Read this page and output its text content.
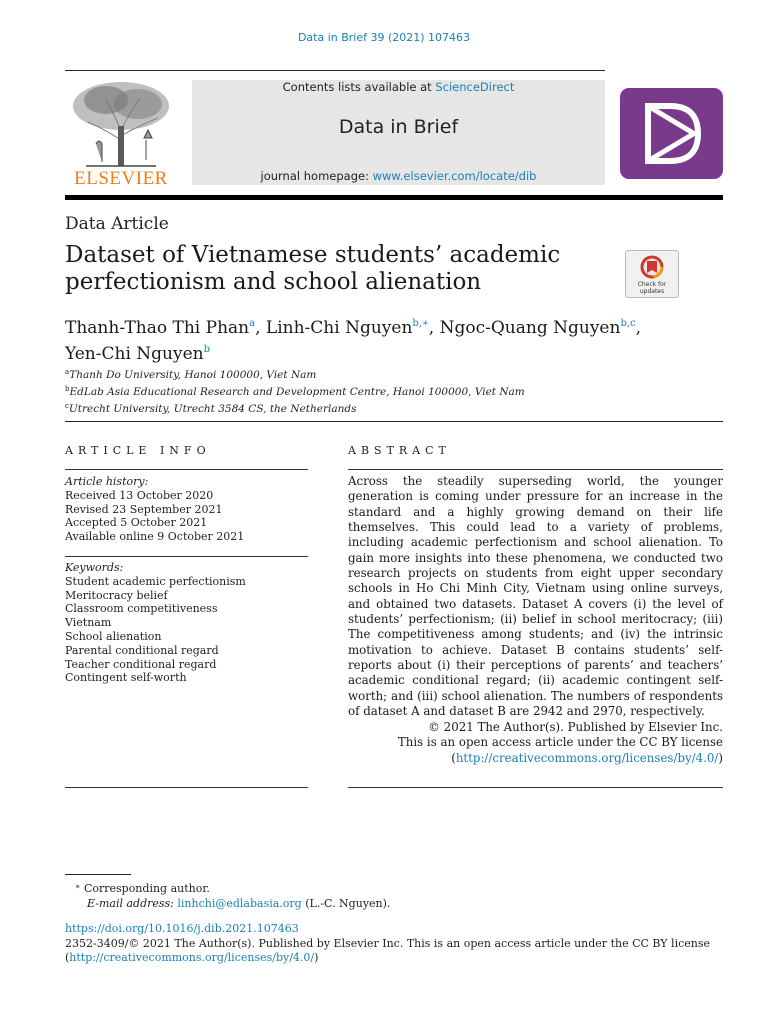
Data in Brief 39 (2021) 107463
ELSEVIER
Contents lists available at ScienceDirect
Data in Brief
journal homepage: www.elsevier.com/locate/dib
Data Article
Dataset of Vietnamese students’ academic perfectionism and school alienation	Check for
updates
Thanh-Thao Thi Phan$^a$, Linh-Chi Nguyen$^{b,∗}$, Ngoc-Quang Nguyen$^{b,c}$,
Yen-Chi Nguyen$^b$
$^a$Thanh Do University, Hanoi 100000, Viet Nam
$^b$EdLab Asia Educational Research and Development Centre, Hanoi 100000, Viet Nam
$^c$Utrecht University, Utrecht 3584 CS, the Netherlands
ARTICLE INFO
Article history:
Received 13 October 2020
Revised 23 September 2021
Accepted 5 October 2021
Available online 9 October 2021
Keywords:
Student academic perfectionism
Meritocracy belief
Classroom competitiveness
Vietnam
School alienation
Parental conditional regard
Teacher conditional regard
Contingent self-worth
ABSTRACT
Across the steadily superseding world, the younger generation is coming under pressure for an increase in the standard and a highly growing demand on their life themselves. This could lead to a variety of problems, including academic perfectionism and school alienation. To gain more insights into these phenomena, we conducted two research projects on students from eight upper secondary schools in Ho Chi Minh City, Vietnam using online surveys, and obtained two datasets. Dataset A covers (i) the level of students’ perfectionism; (ii) belief in school meritocracy; (iii) The competitiveness among students; and (iv) the intrinsic motivation to achieve. Dataset B contains students’ self-reports about (i) their perceptions of parents’ and teachers’ academic conditional regard; (ii) academic contingent self-worth; and (iii) school alienation. The numbers of respondents of dataset A and dataset B are 2942 and 2970, respectively.
© 2021 The Author(s). Published by Elsevier Inc.
This is an open access article under the CC BY license
(http://creativecommons.org/licenses/by/4.0/)
∗ Corresponding author.
E-mail address: linhchi@edlabasia.org (L.-C. Nguyen).
https://doi.org/10.1016/j.dib.2021.107463
2352-3409/© 2021 The Author(s). Published by Elsevier Inc. This is an open access article under the CC BY license
(http://creativecommons.org/licenses/by/4.0/)
